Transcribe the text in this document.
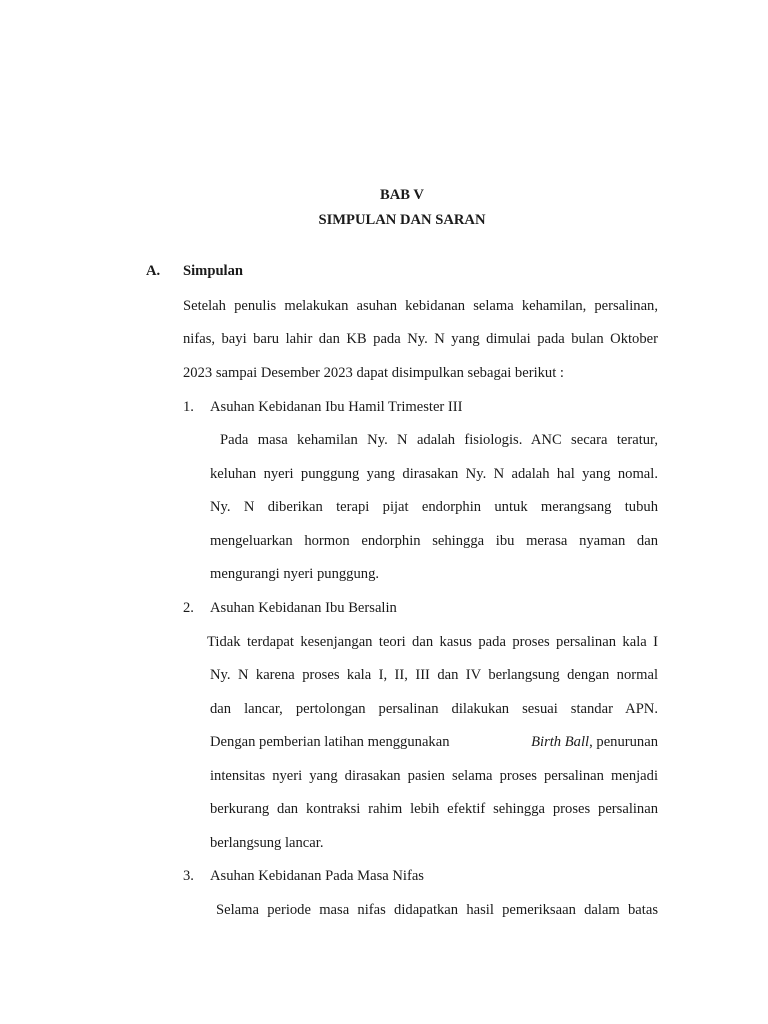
BAB V
SIMPULAN DAN SARAN
A. Simpulan
Setelah penulis melakukan asuhan kebidanan selama kehamilan, persalinan,
nifas, bayi baru lahir dan KB pada Ny. N yang dimulai pada bulan Oktober
2023 sampai Desember 2023 dapat disimpulkan sebagai berikut :
1. Asuhan Kebidanan Ibu Hamil Trimester III
Pada masa kehamilan Ny. N adalah fisiologis. ANC secara teratur,
keluhan nyeri punggung yang dirasakan Ny. N adalah hal yang nomal.
Ny. N diberikan terapi pijat endorphin untuk merangsang tubuh
mengeluarkan hormon endorphin sehingga ibu merasa nyaman dan
mengurangi nyeri punggung.
2. Asuhan Kebidanan Ibu Bersalin
Tidak terdapat kesenjangan teori dan kasus pada proses persalinan kala I
Ny. N karena proses kala I, II, III dan IV berlangsung dengan normal
dan lancar, pertolongan persalinan dilakukan sesuai standar APN.
Dengan pemberian latihan menggunakan	Birth Ball, penurunan
intensitas nyeri yang dirasakan pasien selama proses persalinan menjadi
berkurang dan kontraksi rahim lebih efektif sehingga proses persalinan
berlangsung lancar.
3. Asuhan Kebidanan Pada Masa Nifas
Selama periode masa nifas didapatkan hasil pemeriksaan dalam batas
